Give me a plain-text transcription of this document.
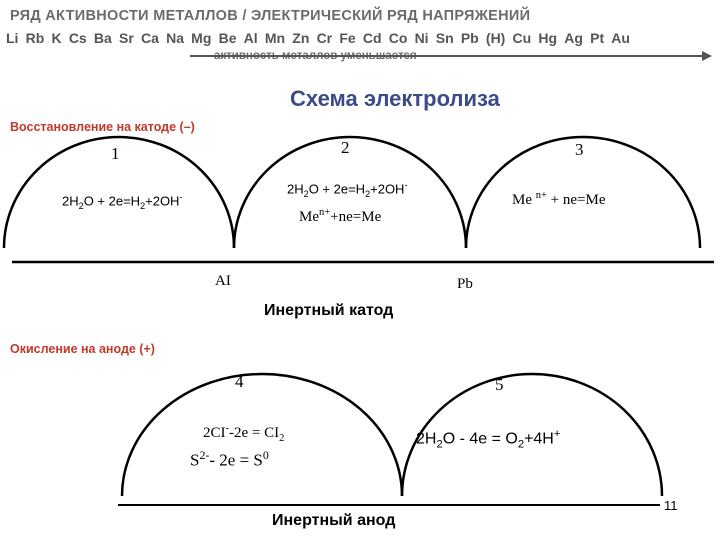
РЯД АКТИВНОСТИ МЕТАЛЛОВ / ЭЛЕКТРИЧЕСКИЙ РЯД НАПРЯЖЕНИЙ
Li Rb K Cs Ba Sr Ca Na Mg Be Al Mn Zn Cr Fe Cd Co Ni Sn Pb (H) Cu Hg Ag Pt Au
активность металлов уменьшается
Схема электролиза
Восстановление на катоде (–)
1	2	3
$2H_2O + 2e=H_2+2OH^-$
$2H_2O + 2e=H_2+2OH^-$
$Me^{n+}+ne=Me$
Me $^{n+}$ + ne=Me
AI	Pb
Инертный катод
Окисление на аноде (+)
4	5
$2CI^--2e = CI_2$
$S^{2-}-$ $2e = S^0$
$2H_2O - 4e = O_2+4H^+$
Инертный анод
11
